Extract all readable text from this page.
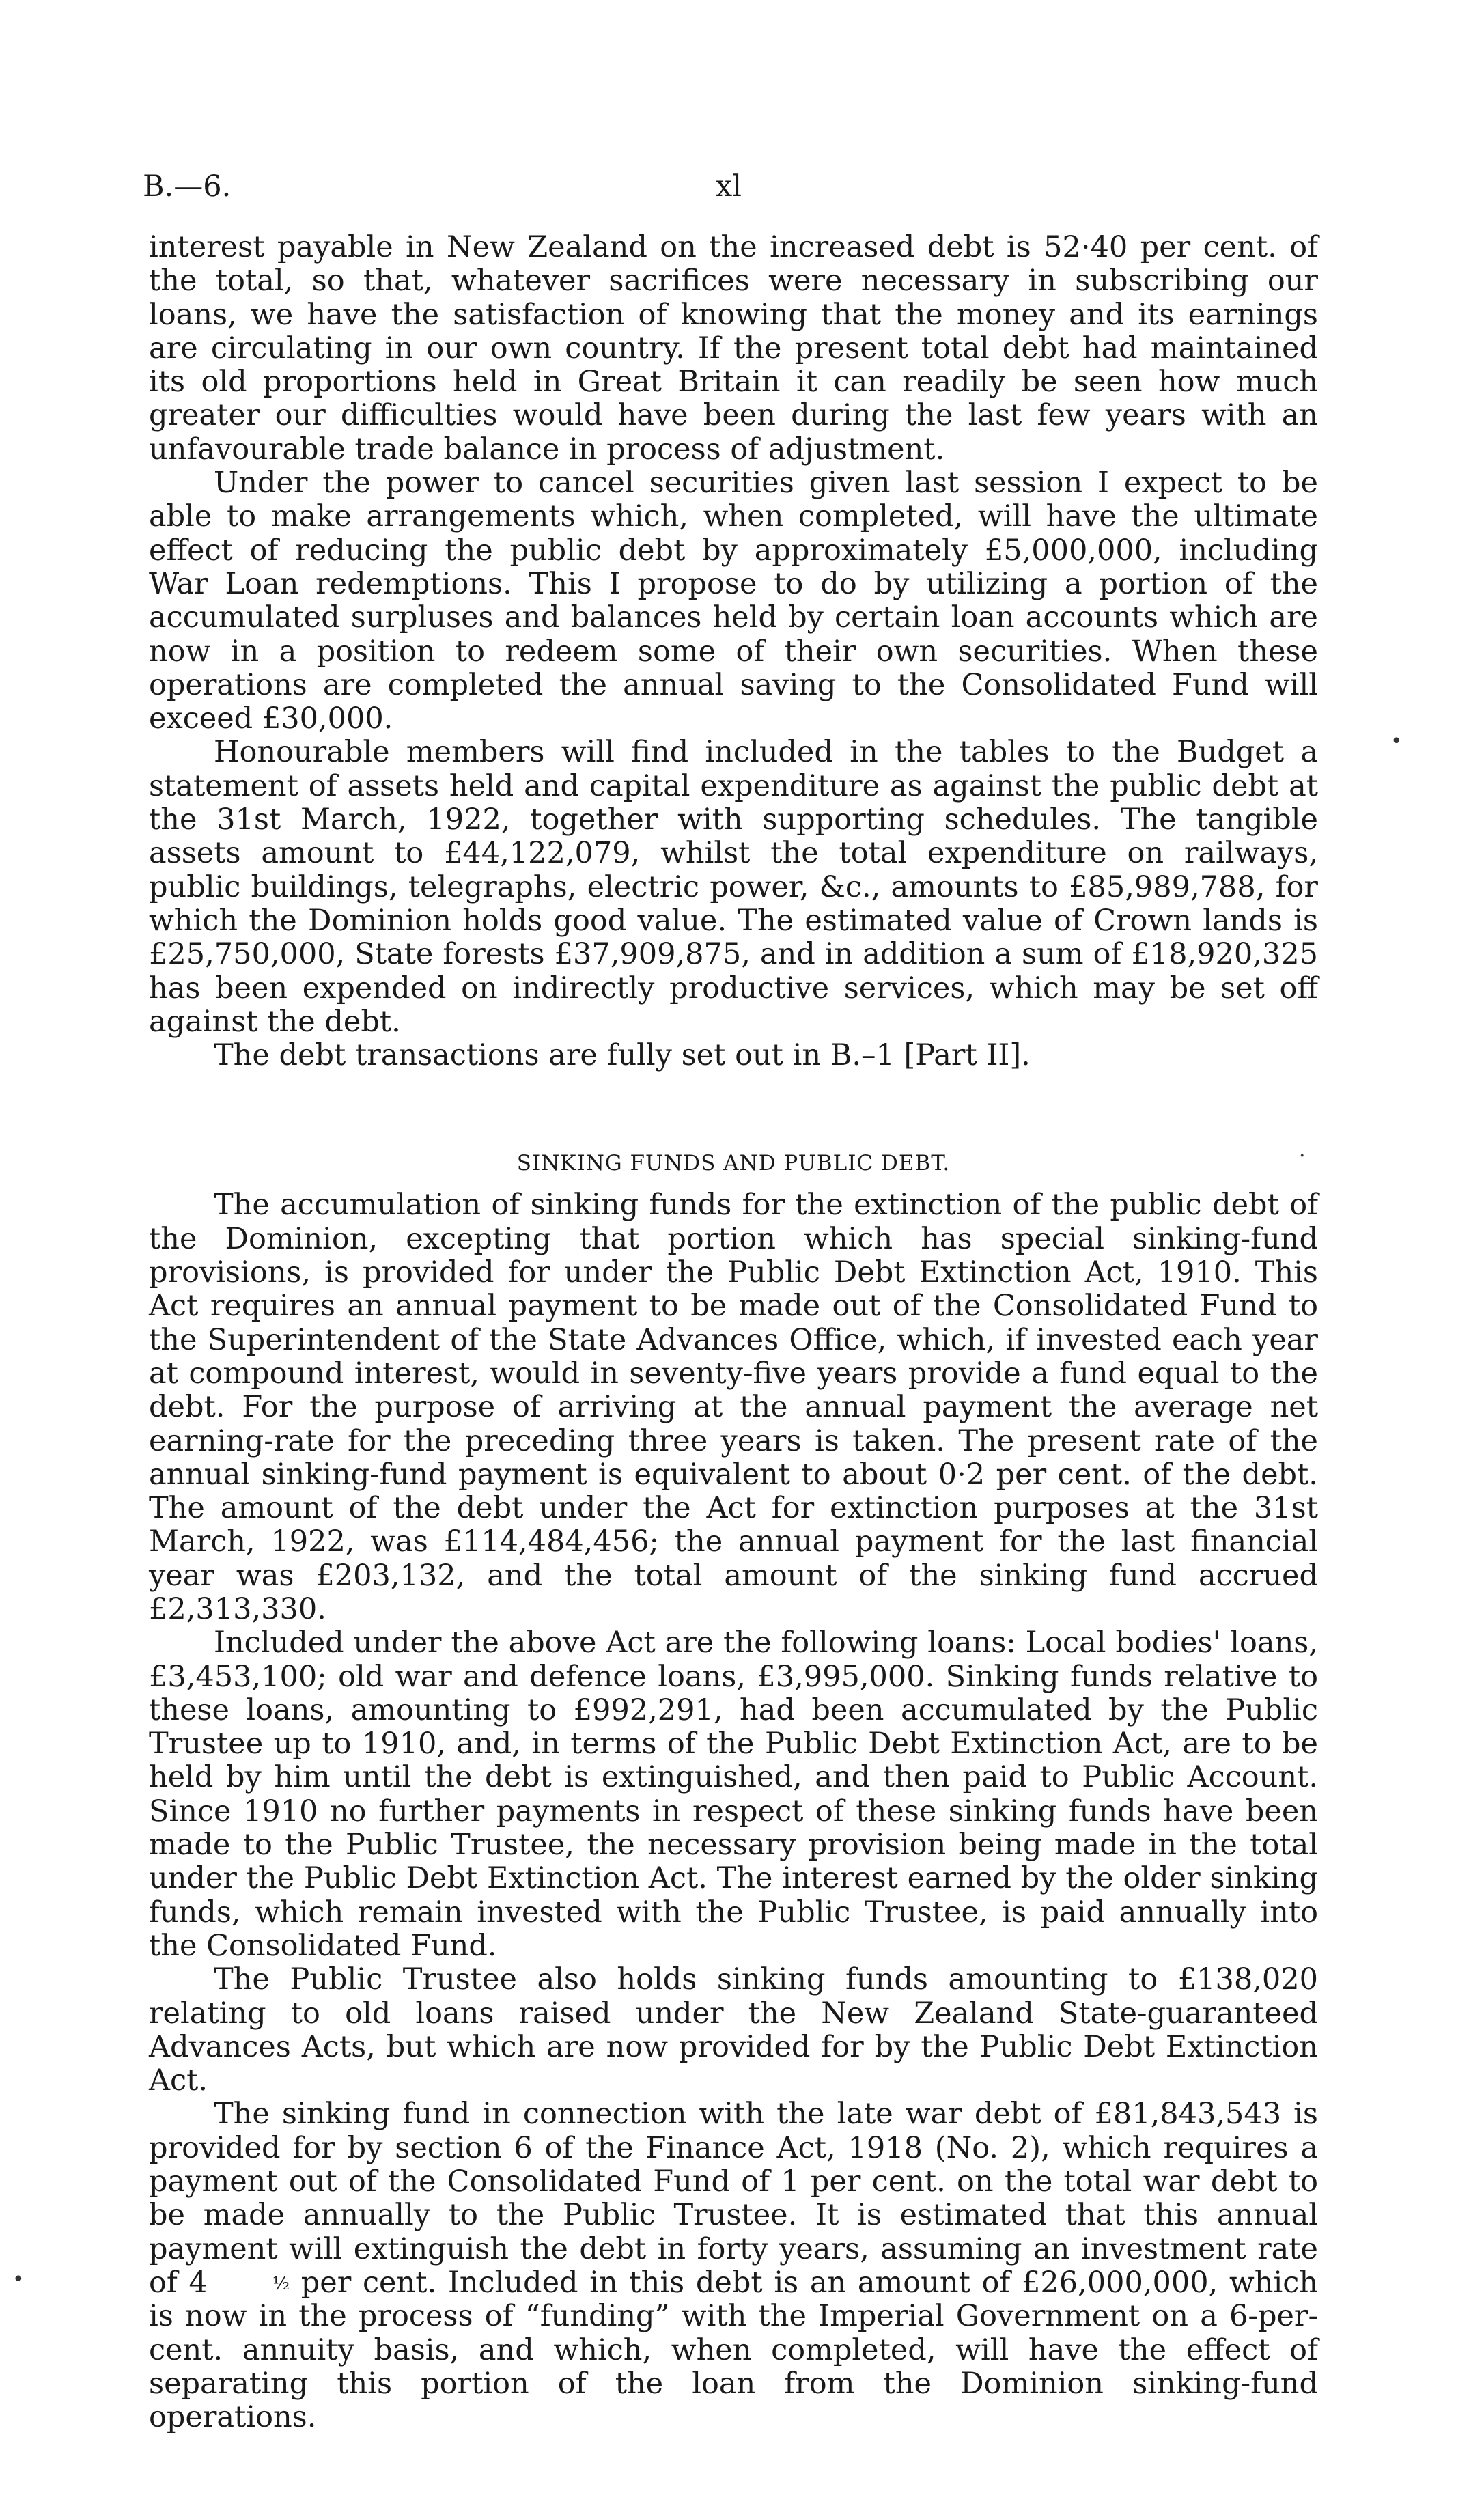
B.—6.	xl

interest payable in New Zealand on the increased debt is 52·40 per cent. of the total, so that, whatever sacrifices were necessary in subscribing our loans, we have the satisfaction of knowing that the money and its earnings are circulating in our own country. If the present total debt had maintained its old proportions held in Great Britain it can readily be seen how much greater our difficulties would have been during the last few years with an unfavourable trade balance in process of adjustment.

Under the power to cancel securities given last session I expect to be able to make arrangements which, when completed, will have the ultimate effect of reducing the public debt by approximately £5,000,000, including War Loan redemptions. This I propose to do by utilizing a portion of the accumulated surpluses and balances held by certain loan accounts which are now in a position to redeem some of their own securities. When these operations are completed the annual saving to the Consolidated Fund will exceed £30,000.

Honourable members will find included in the tables to the Budget a statement of assets held and capital expenditure as against the public debt at the 31st March, 1922, together with supporting schedules. The tangible assets amount to £44,122,079, whilst the total expenditure on railways, public buildings, telegraphs, electric power, &c., amounts to £85,989,788, for which the Dominion holds good value. The estimated value of Crown lands is £25,750,000, State forests £37,909,875, and in addition a sum of £18,920,325 has been expended on indirectly productive services, which may be set off against the debt.

The debt transactions are fully set out in B.–1 [Part II].

SINKING FUNDS AND PUBLIC DEBT.

The accumulation of sinking funds for the extinction of the public debt of the Dominion, excepting that portion which has special sinking-fund provisions, is provided for under the Public Debt Extinction Act, 1910. This Act requires an annual payment to be made out of the Consolidated Fund to the Superintendent of the State Advances Office, which, if invested each year at compound interest, would in seventy-five years provide a fund equal to the debt. For the purpose of arriving at the annual payment the average net earning-rate for the preceding three years is taken. The present rate of the annual sinking-fund payment is equivalent to about 0·2 per cent. of the debt. The amount of the debt under the Act for extinction purposes at the 31st March, 1922, was £114,484,456; the annual payment for the last financial year was £203,132, and the total amount of the sinking fund accrued £2,313,330.

Included under the above Act are the following loans: Local bodies' loans, £3,453,100; old war and defence loans, £3,995,000. Sinking funds relative to these loans, amounting to £992,291, had been accumulated by the Public Trustee up to 1910, and, in terms of the Public Debt Extinction Act, are to be held by him until the debt is extinguished, and then paid to Public Account. Since 1910 no further payments in respect of these sinking funds have been made to the Public Trustee, the necessary provision being made in the total under the Public Debt Extinction Act. The interest earned by the older sinking funds, which remain invested with the Public Trustee, is paid annually into the Consolidated Fund.

The Public Trustee also holds sinking funds amounting to £138,020 relating to old loans raised under the New Zealand State-guaranteed Advances Acts, but which are now provided for by the Public Debt Extinction Act.

The sinking fund in connection with the late war debt of £81,843,543 is provided for by section 6 of the Finance Act, 1918 (No. 2), which requires a payment out of the Consolidated Fund of 1 per cent. on the total war debt to be made annually to the Public Trustee. It is estimated that this annual payment will extinguish the debt in forty years, assuming an investment rate of 4	½ per cent. Included in this debt is an amount of £26,000,000, which is now in the process of “funding” with the Imperial Government on a 6-per-cent. annuity basis, and which, when completed, will have the effect of separating this portion of the loan from the Dominion sinking-fund operations.

•
·
•
